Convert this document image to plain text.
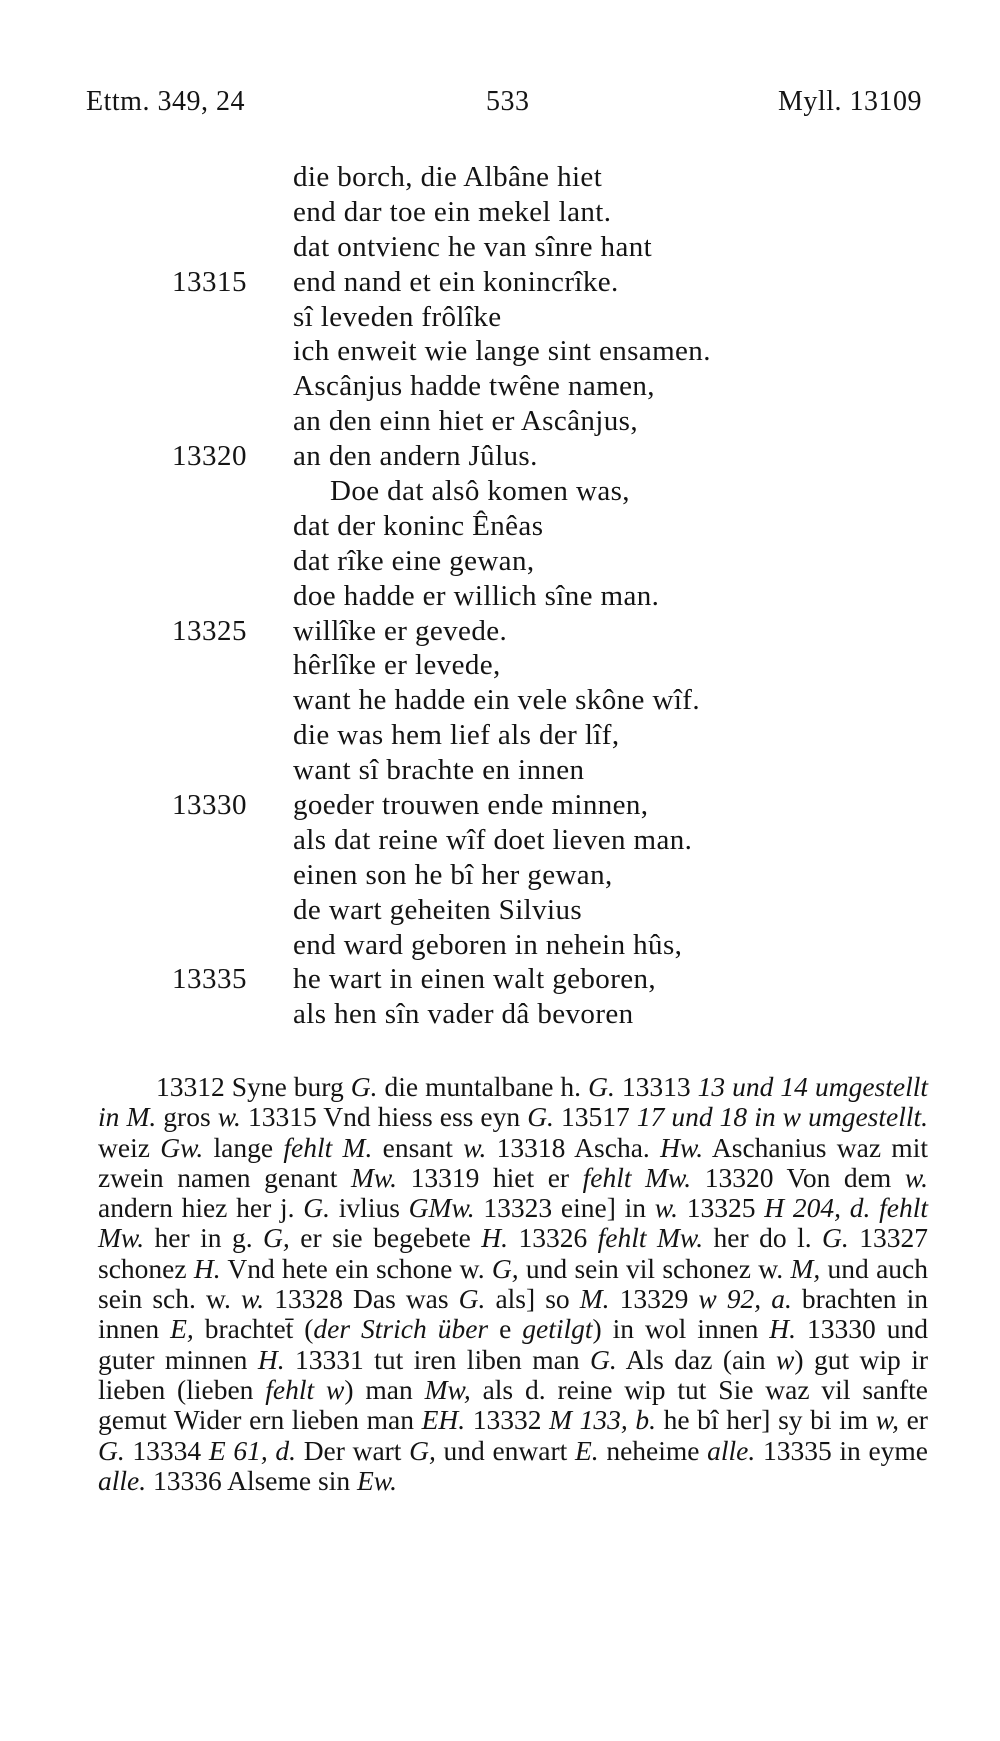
Ettm. 349, 24	533	Myll. 13109
die borch, die Albâne hiet
end dar toe ein mekel lant.
dat ontvienc he van sînre hant
13315 end nand et ein konincrîke.
sî leveden frôlîke
ich enweit wie lange sint ensamen.
Ascânjus hadde twêne namen,
an den einn hiet er Ascânjus,
13320 an den andern Jûlus.
Doe dat alsô komen was,
dat der koninc Ênêas
dat rîke eine gewan,
doe hadde er willich sîne man.
13325 willîke er gevede.
hêrlîke er levede,
want he hadde ein vele skône wîf.
die was hem lief als der lîf,
want sî brachte en innen
13330 goeder trouwen ende minnen,
als dat reine wîf doet lieven man.
einen son he bî her gewan,
de wart geheiten Silvius
end ward geboren in nehein hûs,
13335 he wart in einen walt geboren,
als hen sîn vader dâ bevoren

13312 Syne burg G. die muntalbane h. G. 13313 13 und 14 umgestellt in M. gros w. 13315 Vnd hiess ess eyn G. 13517 17 und 18 in w umgestellt. weiz Gw. lange fehlt M. ensant w. 13318 Ascha. Hw. Aschanius waz mit zwein namen genant Mw. 13319 hiet er fehlt Mw. 13320 Von dem w. andern hiez her j. G. ivlius GMw. 13323 eine] in w. 13325 H 204, d. fehlt Mw. her in g. G, er sie begebete H. 13326 fehlt Mw. her do l. G. 13327 schonez H. Vnd hete ein schone w. G, und sein vil schonez w. M, und auch sein sch. w. w. 13328 Das was G. als] so M. 13329 w 92, a. brachten in innen E, brachtet̄ (der Strich über e getilgt) in wol innen H. 13330 und guter minnen H. 13331 tut iren liben man G. Als daz (ain w) gut wip ir lieben (lieben fehlt w) man Mw, als d. reine wip tut Sie waz vil sanfte gemut Wider ern lieben man EH. 13332 M 133, b. he bî her] sy bi im w, er G. 13334 E 61, d. Der wart G, und enwart E. neheime alle. 13335 in eyme alle. 13336 Alseme sin Ew.
